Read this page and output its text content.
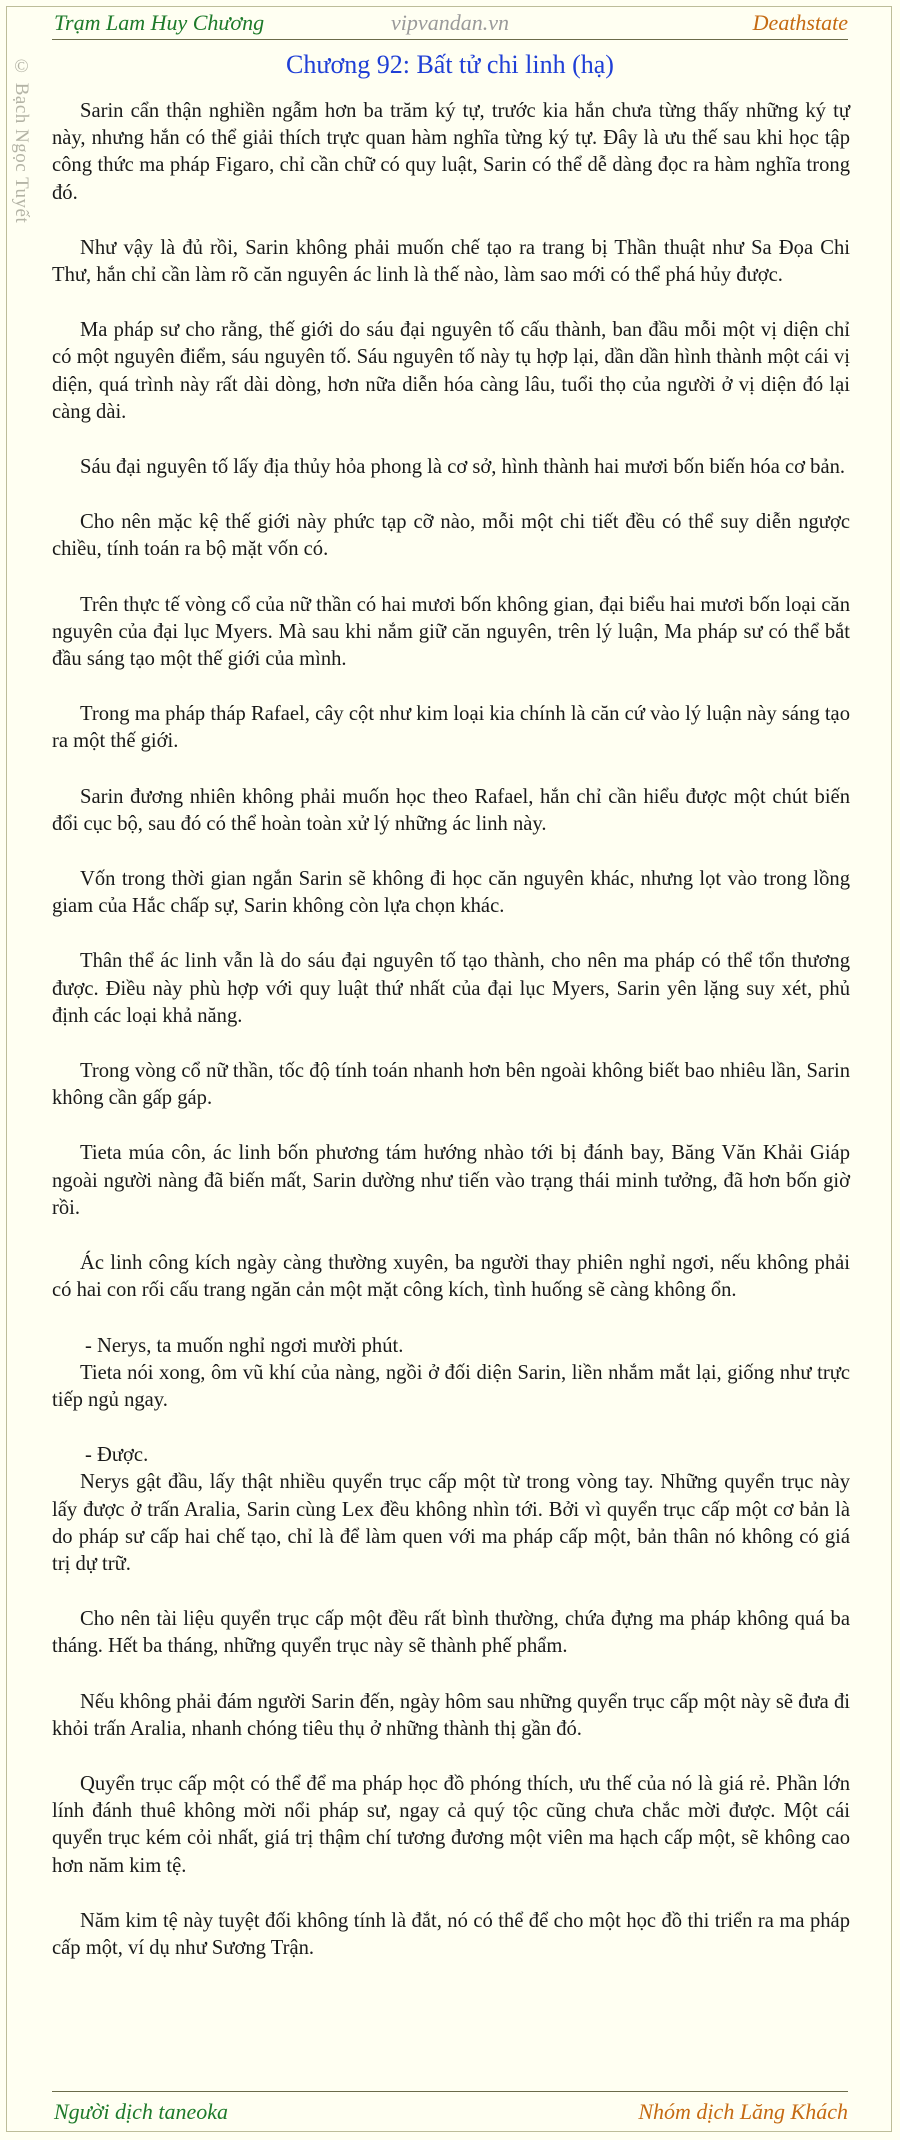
Trạm Lam Huy Chương	vipvandan.vn	Deathstate
Chương 92: Bất tử chi linh (hạ)
© Bạch Ngọc Tuyết	Sarin cẩn thận nghiền ngẫm hơn ba trăm ký tự, trước kia hắn chưa từng thấy những ký tự này, nhưng hắn có thể giải thích trực quan hàm nghĩa từng ký tự. Đây là ưu thế sau khi học tập công thức ma pháp Figaro, chỉ cần chữ có quy luật, Sarin có thể dễ dàng đọc ra hàm nghĩa trong đó.

Như vậy là đủ rồi, Sarin không phải muốn chế tạo ra trang bị Thần thuật như Sa Đọa Chi Thư, hắn chỉ cần làm rõ căn nguyên ác linh là thế nào, làm sao mới có thể phá hủy được.

Ma pháp sư cho rằng, thế giới do sáu đại nguyên tố cấu thành, ban đầu mỗi một vị diện chỉ có một nguyên điểm, sáu nguyên tố. Sáu nguyên tố này tụ hợp lại, dần dần hình thành một cái vị diện, quá trình này rất dài dòng, hơn nữa diễn hóa càng lâu, tuổi thọ của người ở vị diện đó lại càng dài.

Sáu đại nguyên tố lấy địa thủy hỏa phong là cơ sở, hình thành hai mươi bốn biến hóa cơ bản.

Cho nên mặc kệ thế giới này phức tạp cỡ nào, mỗi một chi tiết đều có thể suy diễn ngược chiều, tính toán ra bộ mặt vốn có.

Trên thực tế vòng cổ của nữ thần có hai mươi bốn không gian, đại biểu hai mươi bốn loại căn nguyên của đại lục Myers. Mà sau khi nắm giữ căn nguyên, trên lý luận, Ma pháp sư có thể bắt đầu sáng tạo một thế giới của mình.

Trong ma pháp tháp Rafael, cây cột như kim loại kia chính là căn cứ vào lý luận này sáng tạo ra một thế giới.

Sarin đương nhiên không phải muốn học theo Rafael, hắn chỉ cần hiểu được một chút biến đổi cục bộ, sau đó có thể hoàn toàn xử lý những ác linh này.

Vốn trong thời gian ngắn Sarin sẽ không đi học căn nguyên khác, nhưng lọt vào trong lồng giam của Hắc chấp sự, Sarin không còn lựa chọn khác.

Thân thể ác linh vẫn là do sáu đại nguyên tố tạo thành, cho nên ma pháp có thể tổn thương được. Điều này phù hợp với quy luật thứ nhất của đại lục Myers, Sarin yên lặng suy xét, phủ định các loại khả năng.

Trong vòng cổ nữ thần, tốc độ tính toán nhanh hơn bên ngoài không biết bao nhiêu lần, Sarin không cần gấp gáp.

Tieta múa côn, ác linh bốn phương tám hướng nhào tới bị đánh bay, Băng Văn Khải Giáp ngoài người nàng đã biến mất, Sarin dường như tiến vào trạng thái minh tưởng, đã hơn bốn giờ rồi.

Ác linh công kích ngày càng thường xuyên, ba người thay phiên nghỉ ngơi, nếu không phải có hai con rối cấu trang ngăn cản một mặt công kích, tình huống sẽ càng không ổn.

- Nerys, ta muốn nghỉ ngơi mười phút.

Tieta nói xong, ôm vũ khí của nàng, ngồi ở đối diện Sarin, liền nhắm mắt lại, giống như trực tiếp ngủ ngay.

- Được.

Nerys gật đầu, lấy thật nhiều quyển trục cấp một từ trong vòng tay. Những quyển trục này lấy được ở trấn Aralia, Sarin cùng Lex đều không nhìn tới. Bởi vì quyển trục cấp một cơ bản là do pháp sư cấp hai chế tạo, chỉ là để làm quen với ma pháp cấp một, bản thân nó không có giá trị dự trữ.

Cho nên tài liệu quyển trục cấp một đều rất bình thường, chứa đựng ma pháp không quá ba tháng. Hết ba tháng, những quyển trục này sẽ thành phế phẩm.

Nếu không phải đám người Sarin đến, ngày hôm sau những quyển trục cấp một này sẽ đưa đi khỏi trấn Aralia, nhanh chóng tiêu thụ ở những thành thị gần đó.

Quyển trục cấp một có thể để ma pháp học đồ phóng thích, ưu thế của nó là giá rẻ. Phần lớn lính đánh thuê không mời nổi pháp sư, ngay cả quý tộc cũng chưa chắc mời được. Một cái quyển trục kém cỏi nhất, giá trị thậm chí tương đương một viên ma hạch cấp một, sẽ không cao hơn năm kim tệ.

Năm kim tệ này tuyệt đối không tính là đắt, nó có thể để cho một học đồ thi triển ra ma pháp cấp một, ví dụ như Sương Trận.

Người dịch taneoka	Nhóm dịch Lăng Khách
